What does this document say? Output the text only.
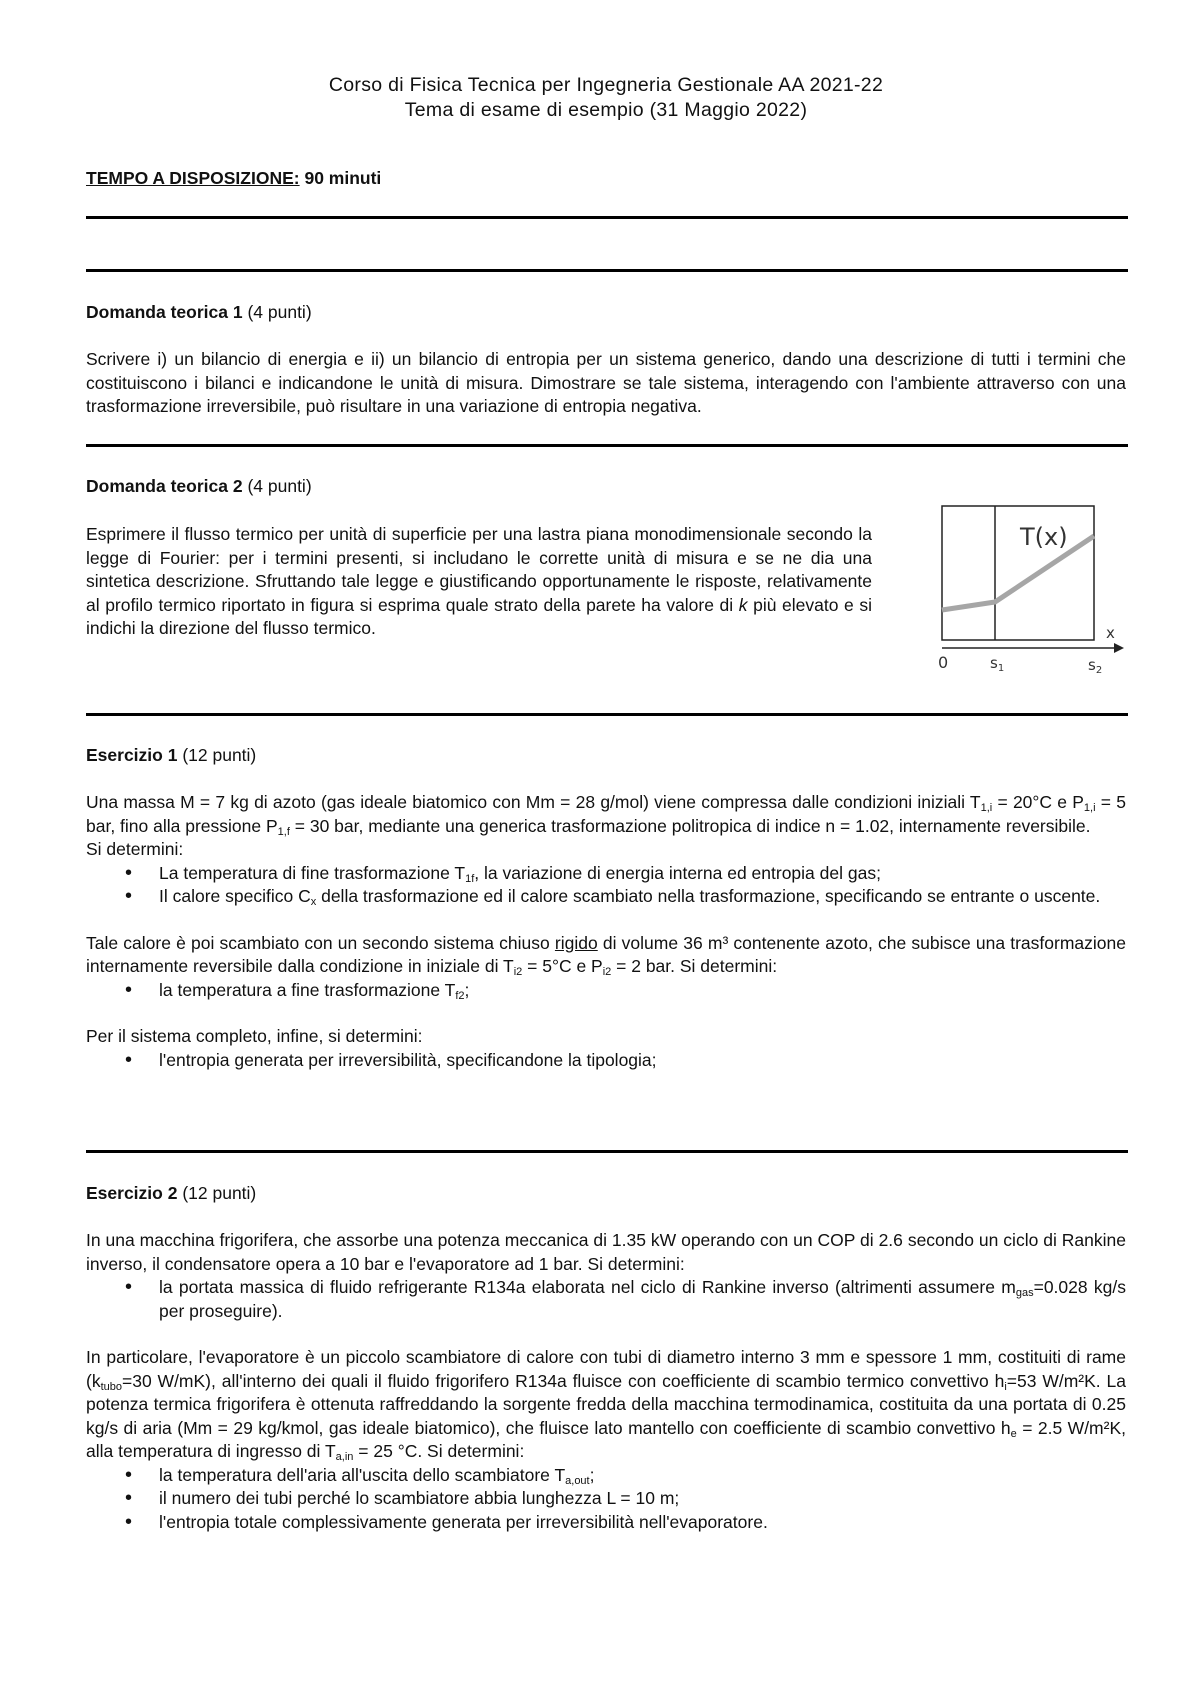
Corso di Fisica Tecnica per Ingegneria Gestionale AA 2021-22
Tema di esame di esempio (31 Maggio 2022)
TEMPO A DISPOSIZIONE: 90 minuti
Domanda teorica 1 (4 punti)
Scrivere i) un bilancio di energia e ii) un bilancio di entropia per un sistema generico, dando una descrizione di tutti i termini che costituiscono i bilanci e indicandone le unità di misura. Dimostrare se tale sistema, interagendo con l'ambiente attraverso con una trasformazione irreversibile, può risultare in una variazione di entropia negativa.
Domanda teorica 2 (4 punti)
Esprimere il flusso termico per unità di superficie per una lastra piana monodimensionale secondo la legge di Fourier: per i termini presenti, si includano le corrette unità di misura e se ne dia una sintetica descrizione. Sfruttando tale legge e giustificando opportunamente le risposte, relativamente al profilo termico riportato in figura si esprima quale strato della parete ha valore di k più elevato e si indichi la direzione del flusso termico.
T(x)
x
0	$s_1$	$s_2$
Esercizio 1 (12 punti)
Una massa M = 7 kg di azoto (gas ideale biatomico con Mm = 28 g/mol) viene compressa dalle condizioni iniziali $T_{1,i} = 20^\circ C$ e $P_{1,i} = 5$ bar, fino alla pressione $P_{1,f} = 30$ bar, mediante una generica trasformazione politropica di indice n = 1.02, internamente reversibile.
Si determini:
• La temperatura di fine trasformazione $T_{1f}$, la variazione di energia interna ed entropia del gas;
• Il calore specifico $C_x$ della trasformazione ed il calore scambiato nella trasformazione, specificando se entrante o uscente.
Tale calore è poi scambiato con un secondo sistema chiuso rigido di volume 36 m³ contenente azoto, che subisce una trasformazione internamente reversibile dalla condizione in iniziale di $T_{i2} = 5^\circ C$ e $P_{i2} = 2$ bar. Si determini:
• la temperatura a fine trasformazione $T_{f2}$;
Per il sistema completo, infine, si determini:
• l'entropia generata per irreversibilità, specificandone la tipologia;
Esercizio 2 (12 punti)
In una macchina frigorifera, che assorbe una potenza meccanica di 1.35 kW operando con un COP di 2.6 secondo un ciclo di Rankine inverso, il condensatore opera a 10 bar e l'evaporatore ad 1 bar. Si determini:
• la portata massica di fluido refrigerante R134a elaborata nel ciclo di Rankine inverso (altrimenti assumere $m_{gas}=0.028$ kg/s per proseguire).
In particolare, l'evaporatore è un piccolo scambiatore di calore con tubi di diametro interno 3 mm e spessore 1 mm, costituiti di rame ($k_{tubo}=30$ W/mK), all'interno dei quali il fluido frigorifero R134a fluisce con coefficiente di scambio termico convettivo $h_i=53$ W/m²K. La potenza termica frigorifera è ottenuta raffreddando la sorgente fredda della macchina termodinamica, costituita da una portata di 0.25 kg/s di aria (Mm = 29 kg/kmol, gas ideale biatomico), che fluisce lato mantello con coefficiente di scambio convettivo $h_e = 2.5$ W/m²K, alla temperatura di ingresso di $T_{a,in} = 25$ °C. Si determini:
• la temperatura dell'aria all'uscita dello scambiatore $T_{a,out}$;
• il numero dei tubi perché lo scambiatore abbia lunghezza L = 10 m;
• l'entropia totale complessivamente generata per irreversibilità nell'evaporatore.
